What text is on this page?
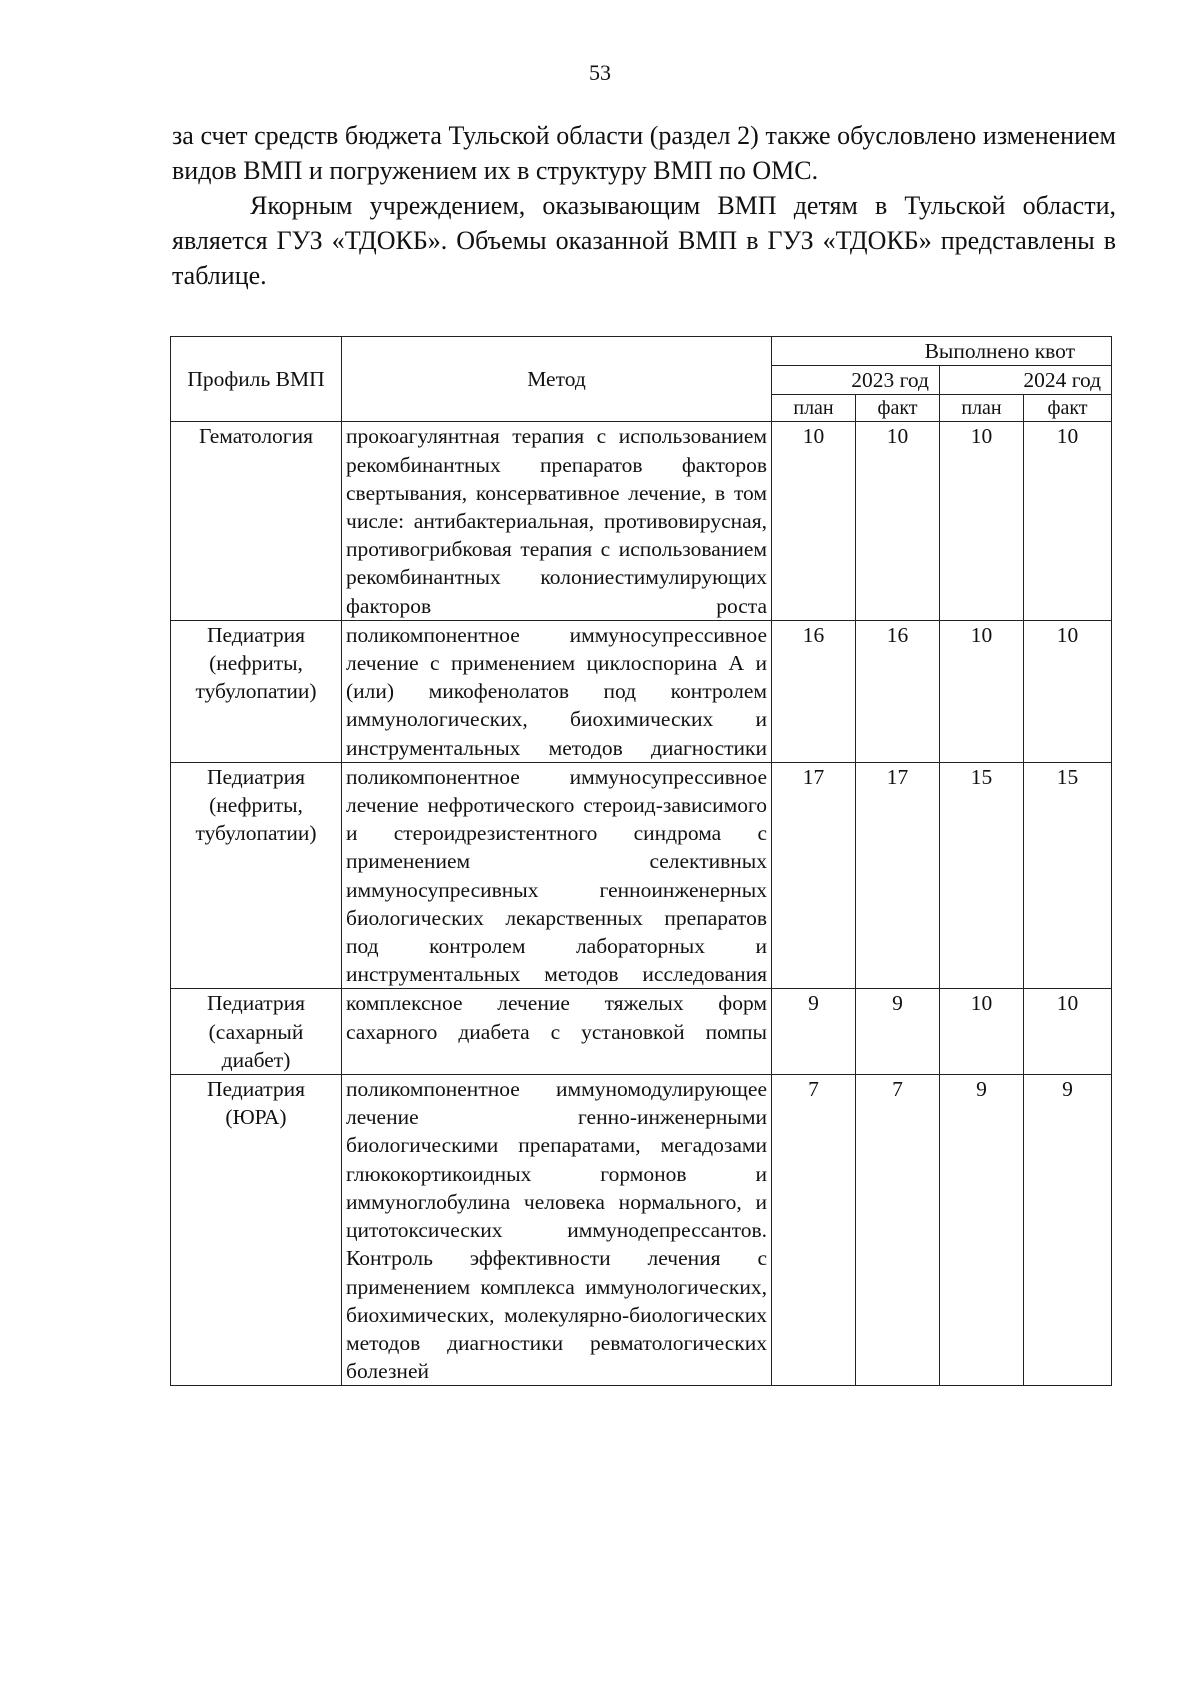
53

за счет средств бюджета Тульской области (раздел 2) также обусловлено изменением видов ВМП и погружением их в структуру ВМП по ОМС.

Якорным учреждением, оказывающим ВМП детям в Тульской области, является ГУЗ «ТДОКБ». Объемы оказанной ВМП в ГУЗ «ТДОКБ» представлены в таблице.

Профиль ВМП	Метод	Выполнено квот			
		2023 год		2024 год	
		план	факт	план	факт
Гематология	прокоагулянтная терапия с использованием рекомбинантных препаратов факторов свертывания, консервативное лечение, в том числе: антибактериальная, противовирусная, противогрибковая терапия с использованием рекомбинантных колониестимулирующих факторов роста	10	10	10	10
Педиатрия (нефриты, тубулопатии)	поликомпонентное иммуносупрессивное лечение с применением циклоспорина А и (или) микофенолатов под контролем иммунологических, биохимических и инструментальных методов диагностики	16	16	10	10
Педиатрия (нефриты, тубулопатии)	поликомпонентное иммуносупрессивное лечение нефротического стероид-зависимого и стероидрезистентного синдрома с применением селективных иммуносупресивных генноинженерных биологических лекарственных препаратов под контролем лабораторных и инструментальных методов исследования	17	17	15	15
Педиатрия (сахарный диабет)	комплексное лечение тяжелых форм сахарного диабета с установкой помпы	9	9	10	10
Педиатрия (ЮРА)	поликомпонентное иммуномодулирующее лечение генно-инженерными биологическими препаратами, мегадозами глюкокортикоидных гормонов и иммуноглобулина человека нормального, и цитотоксических иммунодепрессантов. Контроль эффективности лечения с применением комплекса иммунологических, биохимических, молекулярно-биологических методов диагностики ревматологических болезней	7	7	9	9
